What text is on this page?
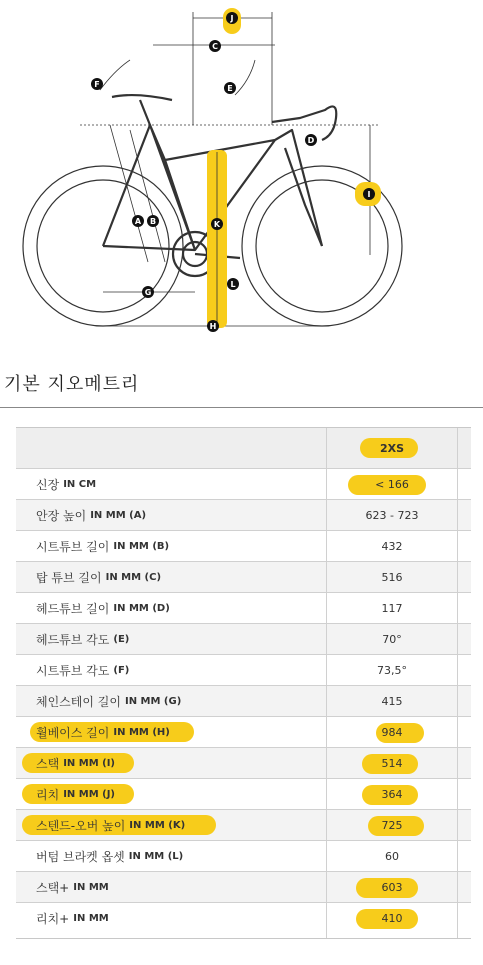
J
C
F	E
D
I
A B	K
L
G
H
기본 지오메트리
2XS
신장 IN CM	< 166
안장 높이 IN MM (A)	623 - 723
시트튜브 길이 IN MM (B)	432
탑 튜브 길이 IN MM (C)	516
헤드튜브 길이 IN MM (D)	117
헤드튜브 각도 (E)	70°
시트튜브 각도 (F)	73,5°
체인스테이 길이 IN MM (G)	415
휠베이스 길이 IN MM (H)	984
스택 IN MM (I)	514
리치 IN MM (J)	364
스텐드-오버 높이 IN MM (K)	725
버텀 브라켓 옵셋 IN MM (L)	60
스택+ IN MM	603
리치+ IN MM	410
